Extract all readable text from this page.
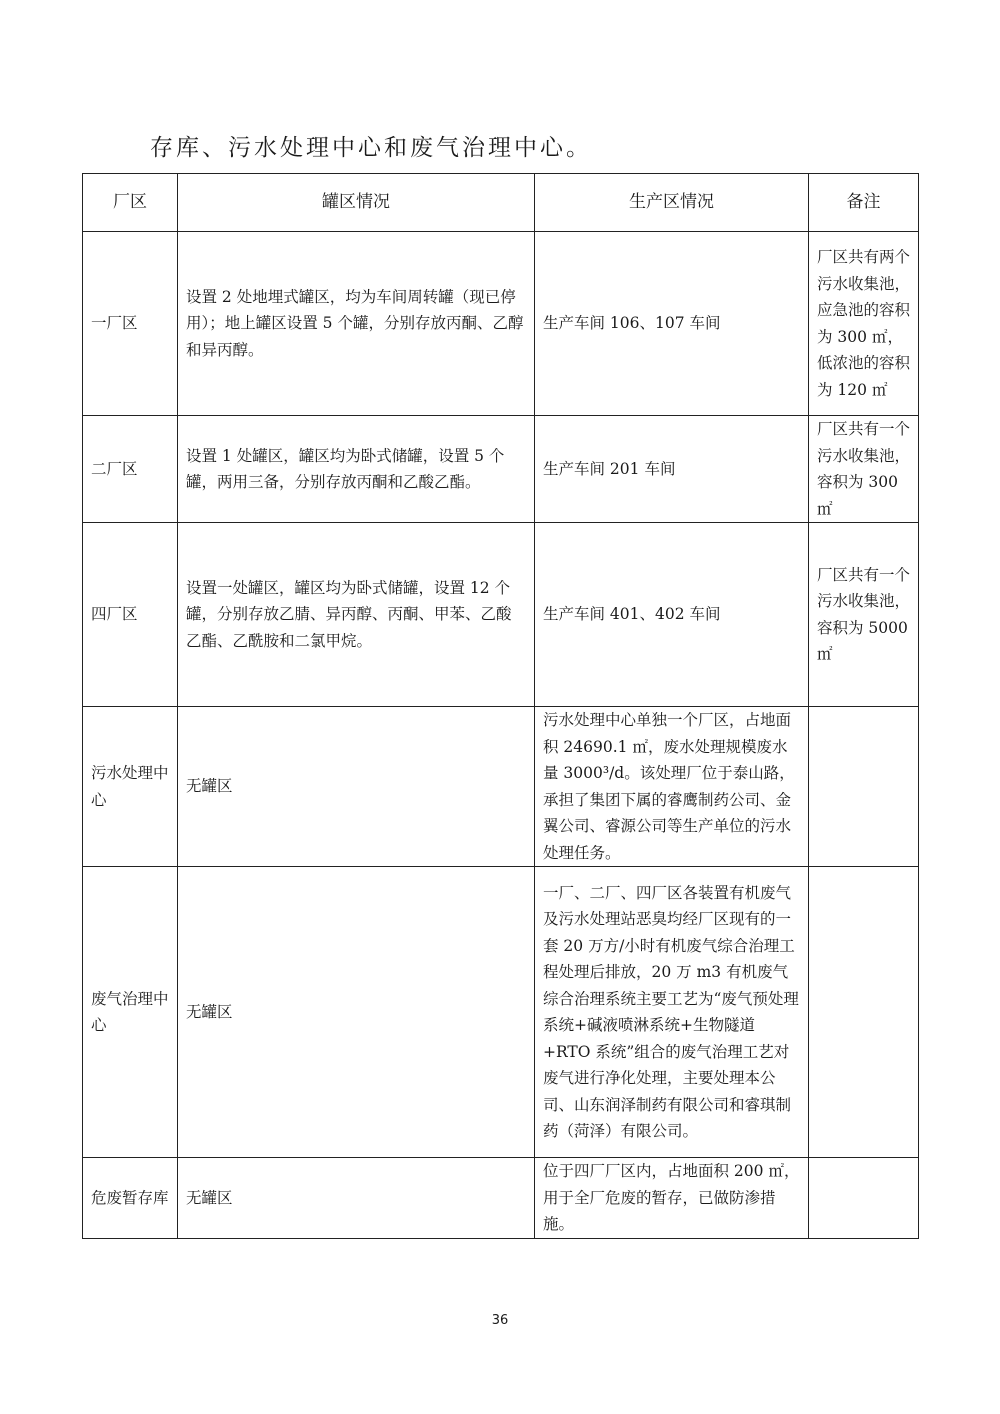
存库、污水处理中心和废气治理中心。
厂区	罐区情况	生产区情况	备注
一厂区	设置 2 处地埋式罐区，均为车间周转罐（现已停用）；地上罐区设置 5 个罐，分别存放丙酮、乙醇和异丙醇。	生产车间 106、107 车间	厂区共有两个污水收集池，应急池的容积为 300 ㎡，低浓池的容积为 120 ㎡
二厂区	设置 1 处罐区，罐区均为卧式储罐，设置 5 个罐，两用三备，分别存放丙酮和乙酸乙酯。	生产车间 201 车间	厂区共有一个污水收集池，容积为 300 ㎡
四厂区	设置一处罐区，罐区均为卧式储罐，设置 12 个罐，分别存放乙腈、异丙醇、丙酮、甲苯、乙酸乙酯、乙酰胺和二氯甲烷。	生产车间 401、402 车间	厂区共有一个污水收集池，容积为 5000 ㎡
污水处理中心	无罐区	污水处理中心单独一个厂区，占地面积 24690.1 ㎡，废水处理规模废水量 3000³/d。该处理厂位于泰山路，承担了集团下属的睿鹰制药公司、金翼公司、睿源公司等生产单位的污水处理任务。	
废气治理中心	无罐区	一厂、二厂、四厂区各装置有机废气及污水处理站恶臭均经厂区现有的一套 20 万方/小时有机废气综合治理工程处理后排放，20 万 m3 有机废气综合治理系统主要工艺为“废气预处理系统+碱液喷淋系统+生物隧道+RTO 系统”组合的废气治理工艺对废气进行净化处理，主要处理本公司、山东润泽制药有限公司和睿琪制药（菏泽）有限公司。	
危废暂存库	无罐区	位于四厂厂区内，占地面积 200 ㎡，用于全厂危废的暂存，已做防渗措施。	
36
